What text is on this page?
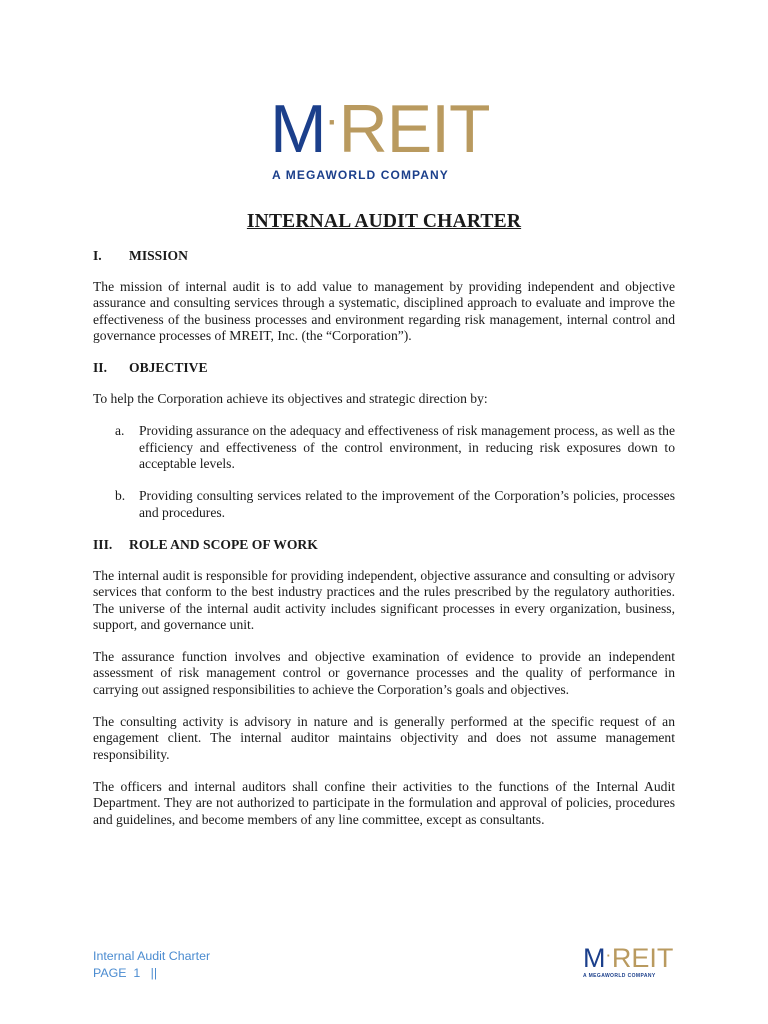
M · REIT
A MEGAWORLD COMPANY
INTERNAL AUDIT CHARTER
I.	MISSION

The mission of internal audit is to add value to management by providing independent and objective assurance and consulting services through a systematic, disciplined approach to evaluate and improve the effectiveness of the business processes and environment regarding risk management, internal control and governance processes of MREIT, Inc. (the “Corporation”).

II.	OBJECTIVE

To help the Corporation achieve its objectives and strategic direction by:

a.	Providing assurance on the adequacy and effectiveness of risk management process, as well as the efficiency and effectiveness of the control environment, in reducing risk exposures down to acceptable levels.
b.	Providing consulting services related to the improvement of the Corporation’s policies, processes and procedures.
III.	ROLE AND SCOPE OF WORK

The internal audit is responsible for providing independent, objective assurance and consulting or advisory services that conform to the best industry practices and the rules prescribed by the regulatory authorities. The universe of the internal audit activity includes significant processes in every organization, business, support, and governance unit.

The assurance function involves and objective examination of evidence to provide an independent assessment of risk management control or governance processes and the quality of performance in carrying out assigned responsibilities to achieve the Corporation’s goals and objectives.

The consulting activity is advisory in nature and is generally performed at the specific request of an engagement client. The internal auditor maintains objectivity and does not assume management responsibility.

The officers and internal auditors shall confine their activities to the functions of the Internal Audit Department. They are not authorized to participate in the formulation and approval of policies, procedures and guidelines, and become members of any line committee, except as consultants.

Internal Audit Charter
PAGE  1   ||	M · REIT
A MEGAWORLD COMPANY
